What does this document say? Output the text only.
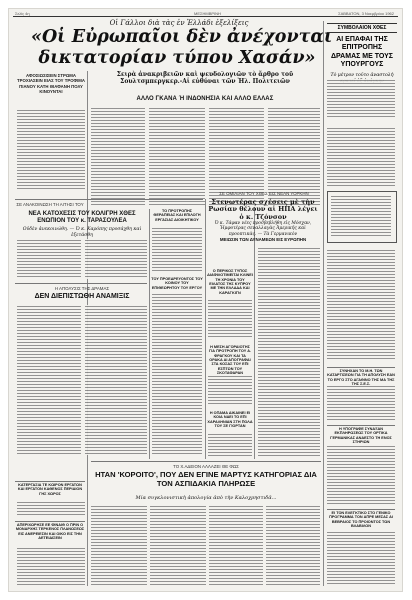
Σελίς 4η	ΜΕΣΗΜΒΡΙΝΗ	ΣΑΒΒΑΤΟΝ, 3 Νοεμβρίου 1962
Οἱ Γάλλοι διὰ τὰς ἐν Ἑλλάδι ἐξελίξεις
«Οἱ Εὐρωπαῖοι δὲν ἀνέχονται
δικτατορίαν τύπου Χασάν»
Σειρὰ ἀνακριβειῶν καὶ ψευδολογιῶν τὸ ἄρθρο τοῦ Σουλτσμπεργκερ.-Αἱ εὐθύναι τῶν Ἠλ. Πολιτειῶν
ΑΛΛΟ ΓΚΑΝΑ Ή ΙΝΔΟΝΗΣΙΑ ΚΑΙ ΑΛΛΟ ΕΛΛΑΣ
ΣΥΜΒΟΛΑΙΟΝ ΧΘΕΣ
ΑΙ ΕΠΑΦΑΙ ΤΗΣ ΕΠΙΤΡΟΠΗΣ ΔΡΑΜΑΣ ΜΕ ΤΟΥΣ ΥΠΟΥΡΓΟΥΣ
Τὸ μέτρον τοῦτο ἀναστολὴ
ΑΦΟΣΙΩΣΙΣΕΙΝ ΣΤΡΩΜΑ ΤΡΟΧΙΑΣΕΙΝ ΕΙΑΣ ΤΟΥ ΤΡΟΦΙΜΑ ΠΙΑΝΟΥ ΚΑΤΗ ΘΙΑΦΑΝΗ ΠΟΛΥ ΚΙΝΟΥΝΤΑΙ
ΣΕ ΑΝΑΚΟΙΝΩΣΗ ΤΗ ΑΙΤΗΣΙ ΤΟΥ
ΝΕΑ ΚΑΤΟΧΕΣΙΣ ΤΟΥ ΚΟΛΙΓΡΗ ΧΘΕΣ ΕΝΩΠΙΟΝ ΤΟΥ κ. ΤΑΡΑΣΟΥΛΕΑ
Οὐδὲν ἀνεκοινώθη. — Ὁ κ. Καρόπης προσάχθη καὶ ἐξετάσθη
Η ΑΠΟΛΥΣΙΣ ΤΗΣ ΔΡΑΜΑΣ
ΔΕΝ ΔΙΕΠΙΣΤΩΘΗ ΑΝΑΜΙΞΙΣ
ΤΟ ΠΡΟΤΡΟΠΗΣ ΘΕΡΑΠΕΙΑΣ ΚΑΙ ΕΠΙΛΟΓΗ ΕΡΓΑΣΙΑΣ ΔΙΟΙΚΗΤΙΚΟΥ
ΤΟΥ ΠΡΟΕΔΡΕΥΟΝΤΟΣ ΤΟΥ ΚΟΙΝΟΥ ΤΟΥ ΕΠΙΘΕΩΡΗΤΟΥ ΤΟΥ ΕΡΓΟΥ
ΣΕ ΟΜΙΛΙΑΝ ΤΟΥ ΧΘΕΣ ΕΙΣ ΝΕΑΝ ΥΟΡΚΗΝ
Στενωτέρας σχέσεις μὲ τὴν Ρωσίαν θέλουν αἱ ΗΠΑ λέγει ὁ κ. Τζόνσον
Ὁ κ. Τάφαν νέες προσβεβλήθη εἰς Μόσχαν, Ἠμφοτέρας σεναλλαγὰς Ἀμερικῆς καὶ προοπτικὰς. — Τὰ Γερμανικὸν
ΜΕΙΩΣΙΝ ΤΩΝ ΔΥΝΑΜΕΩΝ ΕΙΣ ΕΥΡΩΠΗΝ
Ο ΠΕΡΙΚΟΣ ΤΥΠΟΣ ΔΙΑΦΙΛΟΤΙΜΕΙΤΑΙ ΚΛΙΝΕΙ ΤΗ ΧΡΟΝΙΑ ΤΟΥ ΕΙΛΑΤΟΣ ΤΗΣ ΚΥΠΡΟΥ ΜΕ ΤΗΝ ΕΛΛΑΔΑ ΚΑΙ ΚΑΡΑΓΚΙΓΝ
Η ΜΕΣΗ ΑΓΟΡΑΙΟΤΗΣ ΓΙΑ ΠΡΟΤΡΟΠΗ ΤΟΥ Α. ΦΡΑΓΚΟΥ ΚΑΙ ΤΑ ΟΡΑΚΑ ΑΙ ΑΠΟΓΡΑΦΑΙ ΣΤΑ ΚΟΣΑΣ ΤΟΥ ΕΠΙ ΕΣΠΤΩΝ ΤΟΥ ΣΚΟΤΑΦΑΡΑΝ
Η ΟΠΑΜΑ ΔΙΚΑΙΝΕΙ ΕΙ ΚΟΙΑ ΝΑΕΙ ΤΟ ΕΠΙ ΧΑΡΑΛΗΝΙΑΝ ΣΤΗ ΠΟΛΑ ΤΟΥ ΣΕ ΓΙΟΡΤΑΝ
ΣΥΝΗΧΑΝ ΤΟ Μ.Η. ΤΩΝ ΚΑΤΑΡΤΙΣΕΩΝ ΓΙΑ ΤΗ ΑΠΟΛΥΣΗ ΕΑΝ ΤΟ ΕΡΓΟ ΣΤΟ ΑΓΑΘΙΝΟ ΤΗΣ ΜΑ ΤΗΣ
Η ΥΠΟΓΡΑΦΕ ΣΥΝΑΞΑΝ ΕΚΠΛΗΡΩΣΕΩΣ ΤΟΥ ΟΡΤΙΚΑ ΓΕΡΜΑΝΙΚΑΣ ΑΝΑΕΣΤΟ ΤΗ ΕΝΟΣ ΣΤΗΡΙΩΝ
ΕΙ ΤΟΝ ΕΛΕΓΚΤΙΚΟ ΣΤΟ ΓΕΝΙΚΟ ΠΡΟΓΡΑΜΜΑ ΤΟΝ ΑΠΡΕ ΜΕΣΑΣ ΑΙ ΒΕΒΡΑΙΟΣ ΤΟ ΠΡΟΙΟΝΤΟΣ ΤΩΝ ΒΛΑΒΙΛΟΝ
ΤΟ Χ.ΑΔΕΙΟΝ ΑΛΛΑΖΕΙ ΘΕ ΦΩΣ
ΗΤΑΝ 'ΚΟΡΟΙΤΟ', ΠΟΥ ΔΕΝ ΕΓΙΝΕ ΜΑΡΤΥΣ ΚΑΤΗΓΟΡΙΑΣ ΔΙΑ ΤΟΝ ΑΣΠΙΔΑΚΙΑ ΠΛΗΡΩΣΕ
Μία συγκλονιστικὴ ἀπολογία ἀπὸ τὴν Καλοχρηστιδᾶ...
ΚΑΤΕΡΓΑΣΙΑ ΤΕ ΚΩΙΡΟΝ ΕΡΓΑΤΩΝ ΚΑΙ ΕΡΓΑΤΟΝ ΚΑΘΕΝΟΣ ΠΕΡΙΑΙΟΝ ΓΗΣ ΧΩΡΟΣ
ΑΠΕΡΙΧΩΡΗΣΕ ΕΕ ΦΙΝΑΙΘ Ο ΠΡΙΝ Ο ΜΟΝΑΡΧΗΣ ΤΕΡΚΕΝΟΣ ΠΛΑΝΩΣΕΩΣ ΕΙΣ ΑΝΕΡΕΙΕΣΙΝ ΚΑΙ ΟΙΚΟ ΕΙΣ ΤΗΝ ΑΕΤΕΙΔΙΣΕΙΝ
